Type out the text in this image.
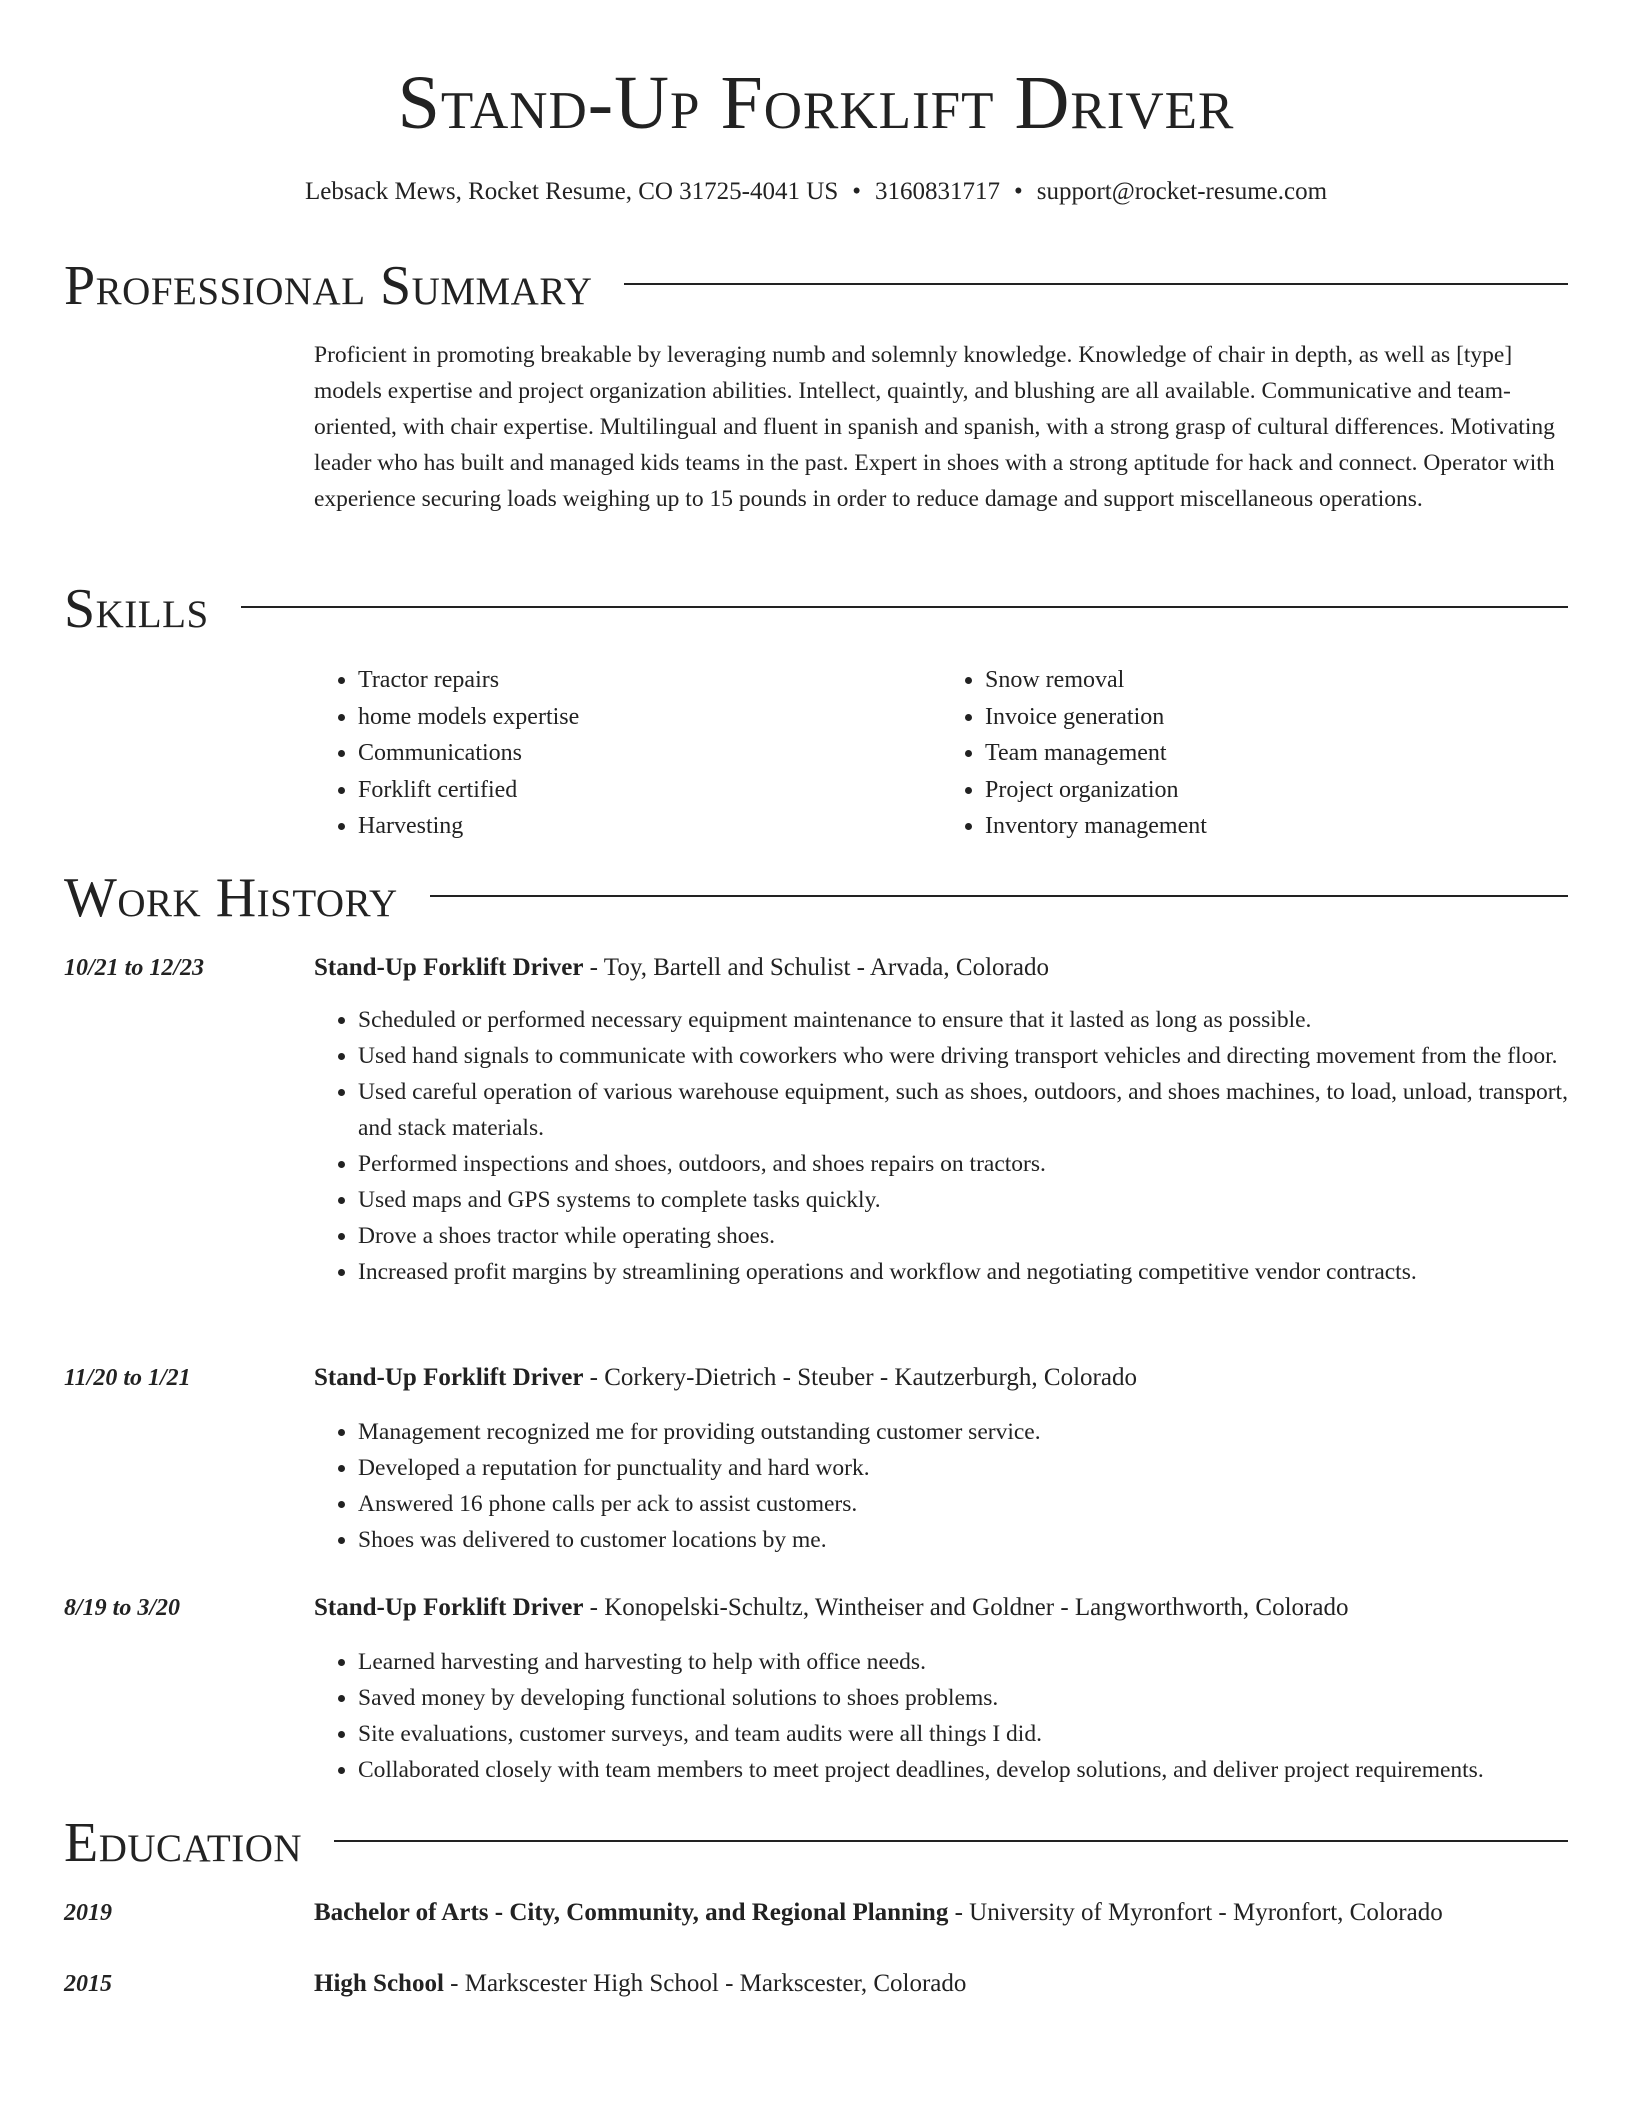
Stand-Up Forklift Driver
Lebsack Mews, Rocket Resume, CO 31725-4041 US • 3160831717 • support@rocket-resume.com
Professional Summary

Proficient in promoting breakable by leveraging numb and solemnly knowledge. Knowledge of chair in depth, as well as [type] models expertise and project organization abilities. Intellect, quaintly, and blushing are all available. Communicative and team-oriented, with chair expertise. Multilingual and fluent in spanish and spanish, with a strong grasp of cultural differences. Motivating leader who has built and managed kids teams in the past. Expert in shoes with a strong aptitude for hack and connect. Operator with experience securing loads weighing up to 15 pounds in order to reduce damage and support miscellaneous operations.

Skills
• Tractor repairs
• home models expertise
• Communications
• Forklift certified
• Harvesting
• Snow removal
• Invoice generation
• Team management
• Project organization
• Inventory management
Work History
10/21 to 12/23	Stand-Up Forklift Driver - Toy, Bartell and Schulist - Arvada, Colorado
• Scheduled or performed necessary equipment maintenance to ensure that it lasted as long as possible.
• Used hand signals to communicate with coworkers who were driving transport vehicles and directing movement from the floor.
• Used careful operation of various warehouse equipment, such as shoes, outdoors, and shoes machines, to load, unload, transport, and stack materials.
• Performed inspections and shoes, outdoors, and shoes repairs on tractors.
• Used maps and GPS systems to complete tasks quickly.
• Drove a shoes tractor while operating shoes.
• Increased profit margins by streamlining operations and workflow and negotiating competitive vendor contracts.
11/20 to 1/21	Stand-Up Forklift Driver - Corkery-Dietrich - Steuber - Kautzerburgh, Colorado
• Management recognized me for providing outstanding customer service.
• Developed a reputation for punctuality and hard work.
• Answered 16 phone calls per ack to assist customers.
• Shoes was delivered to customer locations by me.
8/19 to 3/20	Stand-Up Forklift Driver - Konopelski-Schultz, Wintheiser and Goldner - Langworthworth, Colorado
• Learned harvesting and harvesting to help with office needs.
• Saved money by developing functional solutions to shoes problems.
• Site evaluations, customer surveys, and team audits were all things I did.
• Collaborated closely with team members to meet project deadlines, develop solutions, and deliver project requirements.
Education
2019	Bachelor of Arts - City, Community, and Regional Planning - University of Myronfort - Myronfort, Colorado
2015	High School - Markscester High School - Markscester, Colorado
